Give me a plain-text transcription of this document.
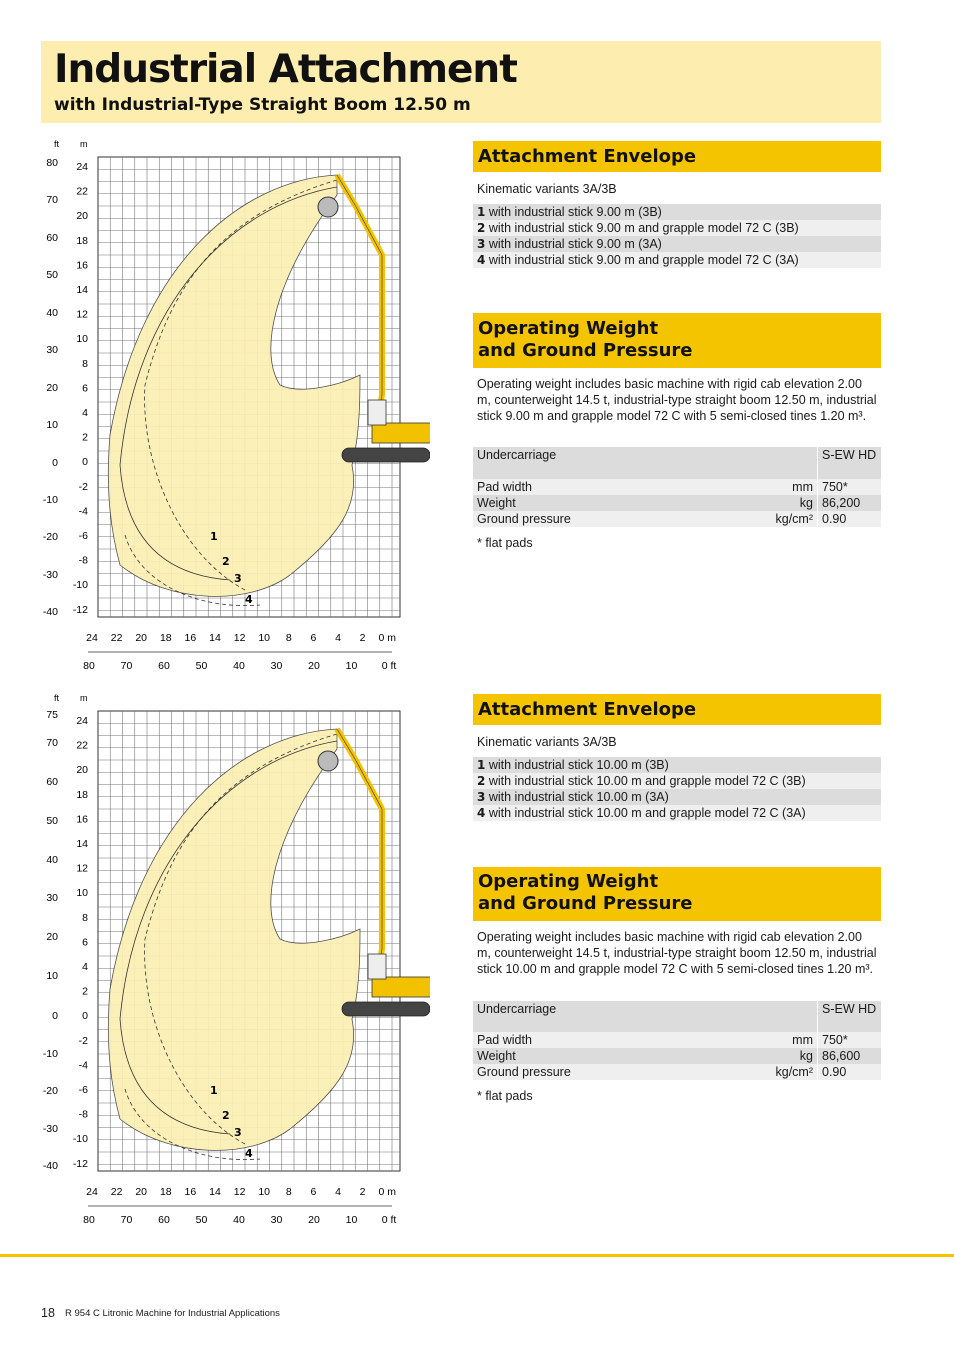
Industrial Attachment
with Industrial-Type Straight Boom 12.50 m
ft m
24
22
20
18
16
14
12
10
8
6
4
2
0
-2
-4
-6
-8
-10
-12
80
70
60
50
40
30
20
10
0
-10
-20
-30
-40
24 22 20 18 16 14 12 10 8 6 4 2 0 m
80 70 60 50 40 30 20 10 0 ft
1
2
3
4
ft m
24
22
20
18
16
14
12
10
8
6
4
2
0
-2
-4
-6
-8
-10
-12
75
70
60
50
40
30
20
10
0
-10
-20
-30
-40
24 22 20 18 16 14 12 10 8 6 4 2 0 m
80 70 60 50 40 30 20 10 0 ft
1
2
3
4
Attachment Envelope
Kinematic variants 3A/3B
1 with industrial stick 9.00 m (3B)
2 with industrial stick 9.00 m and grapple model 72 C (3B)
3 with industrial stick 9.00 m (3A)
4 with industrial stick 9.00 m and grapple model 72 C (3A)
Operating Weight
and Ground Pressure
Operating weight includes basic machine with rigid cab elevation 2.00 m, counterweight 14.5 t, industrial-type straight boom 12.50 m, industrial stick 9.00 m and grapple model 72 C with 5 semi-closed tines 1.20 m³.
Undercarriage	S-EW HD
Pad width	mm 750*
Weight	kg 86,200
Ground pressure	kg/cm² 0.90
* flat pads
Attachment Envelope
Kinematic variants 3A/3B
1 with industrial stick 10.00 m (3B)
2 with industrial stick 10.00 m and grapple model 72 C (3B)
3 with industrial stick 10.00 m (3A)
4 with industrial stick 10.00 m and grapple model 72 C (3A)
Operating Weight
and Ground Pressure
Operating weight includes basic machine with rigid cab elevation 2.00 m, counterweight 14.5 t, industrial-type straight boom 12.50 m, industrial stick 10.00 m and grapple model 72 C with 5 semi-closed tines 1.20 m³.
Undercarriage	S-EW HD
Pad width	mm 750*
Weight	kg 86,600
Ground pressure	kg/cm² 0.90
* flat pads
18 R 954 C Litronic Machine for Industrial Applications
